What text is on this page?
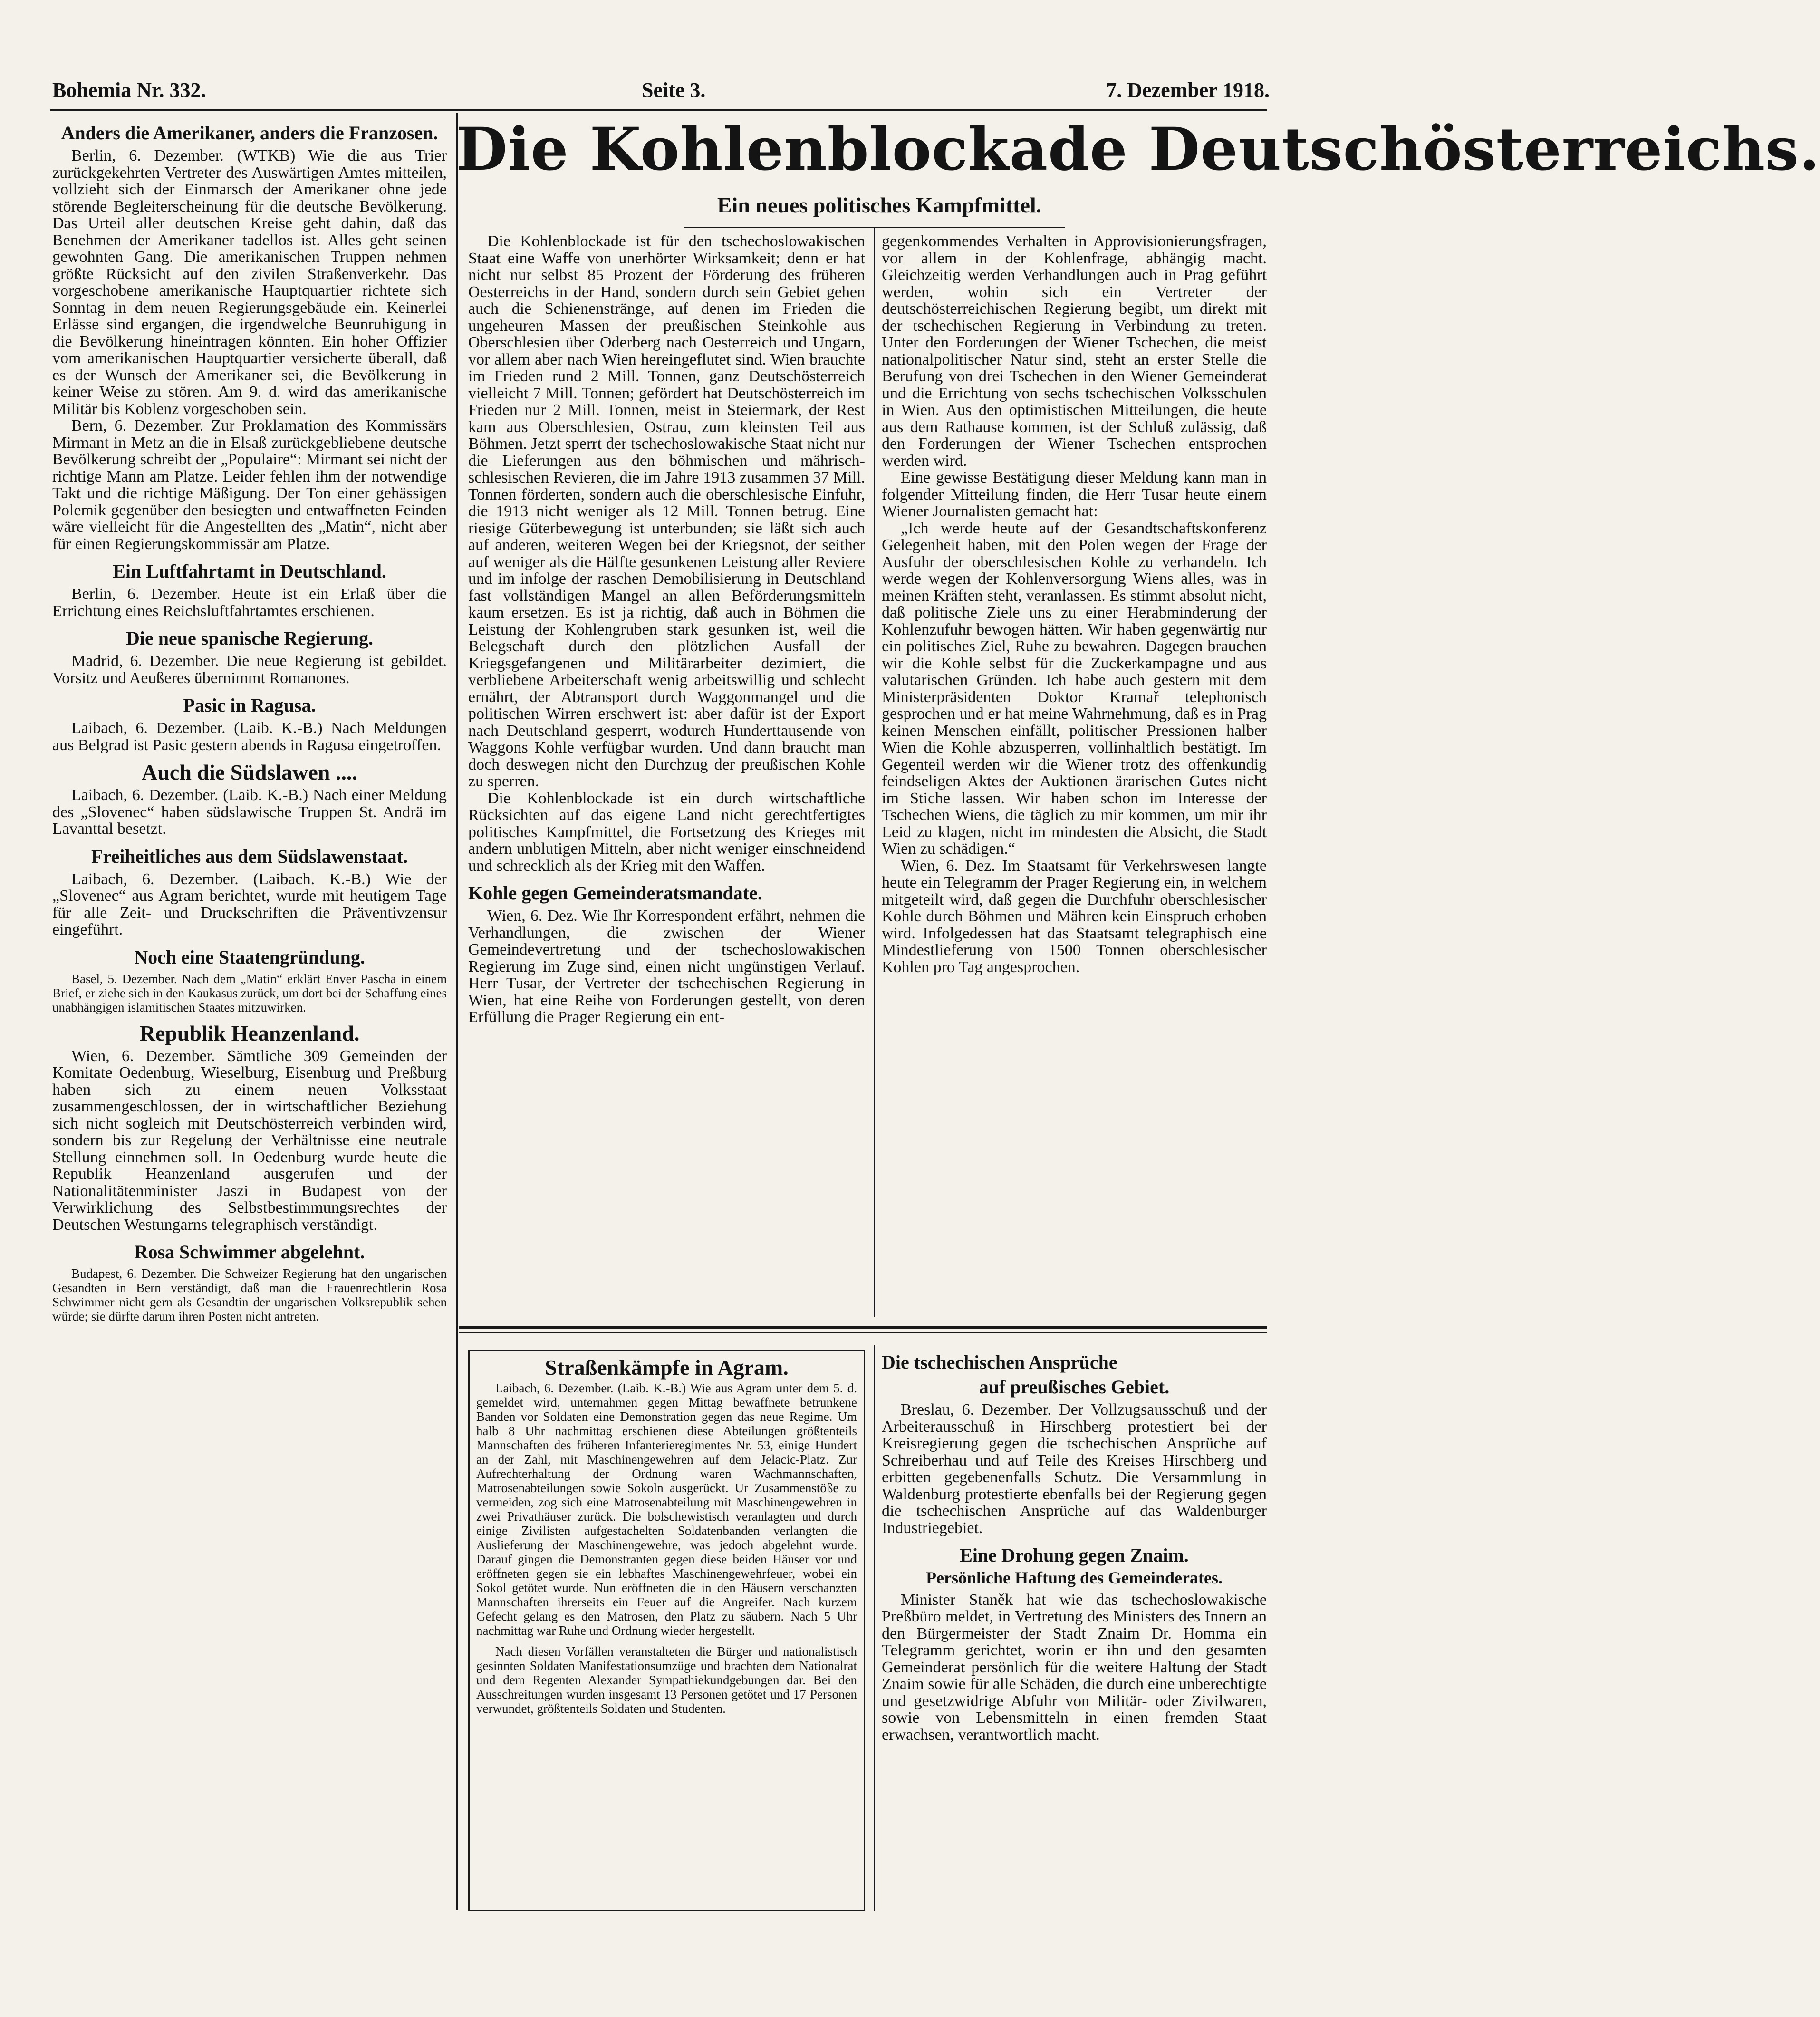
Bohemia Nr. 332.	Seite 3.	7. Dezember 1918.
Anders die Amerikaner, anders die Franzosen.

Berlin, 6. Dezember. (WTKB) Wie die aus Trier zurückgekehrten Vertreter des Auswärtigen Amtes mitteilen, vollzieht sich der Einmarsch der Amerikaner ohne jede störende Begleiterscheinung für die deutsche Bevölkerung. Das Urteil aller deutschen Kreise geht dahin, daß das Benehmen der Amerikaner tadellos ist. Alles geht seinen gewohnten Gang. Die amerikanischen Truppen nehmen größte Rücksicht auf den zivilen Straßenverkehr. Das vorgeschobene amerikanische Hauptquartier richtete sich Sonntag in dem neuen Regierungsgebäude ein. Keinerlei Erlässe sind ergangen, die irgendwelche Beunruhigung in die Bevölkerung hineintragen könnten. Ein hoher Offizier vom amerikanischen Hauptquartier versicherte überall, daß es der Wunsch der Amerikaner sei, die Bevölkerung in keiner Weise zu stören. Am 9. d. wird das amerikanische Militär bis Koblenz vorgeschoben sein.

Bern, 6. Dezember. Zur Proklamation des Kommissärs Mirmant in Metz an die in Elsaß zurückgebliebene deutsche Bevölkerung schreibt der „Populaire“: Mirmant sei nicht der richtige Mann am Platze. Leider fehlen ihm der notwendige Takt und die richtige Mäßigung. Der Ton einer gehässigen Polemik gegenüber den besiegten und entwaffneten Feinden wäre vielleicht für die Angestellten des „Matin“, nicht aber für einen Regierungskommissär am Platze.

Ein Luftfahrtamt in Deutschland.

Berlin, 6. Dezember. Heute ist ein Erlaß über die Errichtung eines Reichsluftfahrtamtes erschienen.

Die neue spanische Regierung.

Madrid, 6. Dezember. Die neue Regierung ist gebildet. Vorsitz und Aeußeres übernimmt Romanones.

Pasic in Ragusa.

Laibach, 6. Dezember. (Laib. K.-B.) Nach Meldungen aus Belgrad ist Pasic gestern abends in Ragusa eingetroffen.

Auch die Südslawen ....

Laibach, 6. Dezember. (Laib. K.-B.) Nach einer Meldung des „Slovenec“ haben südslawische Truppen St. Andrä im Lavanttal besetzt.

Freiheitliches aus dem Südslawenstaat.

Laibach, 6. Dezember. (Laibach. K.-B.) Wie der „Slovenec“ aus Agram berichtet, wurde mit heutigem Tage für alle Zeit- und Druckschriften die Präventivzensur eingeführt.

Noch eine Staatengründung.

Basel, 5. Dezember. Nach dem „Matin“ erklärt Enver Pascha in einem Brief, er ziehe sich in den Kaukasus zurück, um dort bei der Schaffung eines unabhängigen islamitischen Staates mitzuwirken.

Republik Heanzenland.

Wien, 6. Dezember. Sämtliche 309 Gemeinden der Komitate Oedenburg, Wieselburg, Eisenburg und Preßburg haben sich zu einem neuen Volksstaat zusammengeschlossen, der in wirtschaftlicher Beziehung sich nicht sogleich mit Deutschösterreich verbinden wird, sondern bis zur Regelung der Verhältnisse eine neutrale Stellung einnehmen soll. In Oedenburg wurde heute die Republik Heanzenland ausgerufen und der Nationalitätenminister Jaszi in Budapest von der Verwirklichung des Selbstbestimmungsrechtes der Deutschen Westungarns telegraphisch verständigt.

Rosa Schwimmer abgelehnt.

Budapest, 6. Dezember. Die Schweizer Regierung hat den ungarischen Gesandten in Bern verständigt, daß man die Frauenrechtlerin Rosa Schwimmer nicht gern als Gesandtin der ungarischen Volksrepublik sehen würde; sie dürfte darum ihren Posten nicht antreten.

Die Kohlenblockade Deutschösterreichs.
Ein neues politisches Kampfmittel.

Die Kohlenblockade ist für den tschechoslowakischen Staat eine Waffe von unerhörter Wirksamkeit; denn er hat nicht nur selbst 85 Prozent der Förderung des früheren Oesterreichs in der Hand, sondern durch sein Gebiet gehen auch die Schienenstränge, auf denen im Frieden die ungeheuren Massen der preußischen Steinkohle aus Oberschlesien über Oderberg nach Oesterreich und Ungarn, vor allem aber nach Wien hereingeflutet sind. Wien brauchte im Frieden rund 2 Mill. Tonnen, ganz Deutschösterreich vielleicht 7 Mill. Tonnen; gefördert hat Deutschösterreich im Frieden nur 2 Mill. Tonnen, meist in Steiermark, der Rest kam aus Oberschlesien, Ostrau, zum kleinsten Teil aus Böhmen. Jetzt sperrt der tschechoslowakische Staat nicht nur die Lieferungen aus den böhmischen und mährisch-schlesischen Revieren, die im Jahre 1913 zusammen 37 Mill. Tonnen förderten, sondern auch die oberschlesische Einfuhr, die 1913 nicht weniger als 12 Mill. Tonnen betrug. Eine riesige Güterbewegung ist unterbunden; sie läßt sich auch auf anderen, weiteren Wegen bei der Kriegsnot, der seither auf weniger als die Hälfte gesunkenen Leistung aller Reviere und im infolge der raschen Demobilisierung in Deutschland fast vollständigen Mangel an allen Beförderungsmitteln kaum ersetzen. Es ist ja richtig, daß auch in Böhmen die Leistung der Kohlengruben stark gesunken ist, weil die Belegschaft durch den plötzlichen Ausfall der Kriegsgefangenen und Militärarbeiter dezimiert, die verbliebene Arbeiterschaft wenig arbeitswillig und schlecht ernährt, der Abtransport durch Waggonmangel und die politischen Wirren erschwert ist: aber dafür ist der Export nach Deutschland gesperrt, wodurch Hunderttausende von Waggons Kohle verfügbar wurden. Und dann braucht man doch deswegen nicht den Durchzug der preußischen Kohle zu sperren.

Die Kohlenblockade ist ein durch wirtschaftliche Rücksichten auf das eigene Land nicht gerechtfertigtes politisches Kampfmittel, die Fortsetzung des Krieges mit andern unblutigen Mitteln, aber nicht weniger einschneidend und schrecklich als der Krieg mit den Waffen.

Kohle gegen Gemeinderatsmandate.

Wien, 6. Dez. Wie Ihr Korrespondent erfährt, nehmen die Verhandlungen, die zwischen der Wiener Gemeindevertretung und der tschechoslowakischen Regierung im Zuge sind, einen nicht ungünstigen Verlauf. Herr Tusar, der Vertreter der tschechischen Regierung in Wien, hat eine Reihe von Forderungen gestellt, von deren Erfüllung die Prager Regierung ein ent-

gegenkommendes Verhalten in Approvisionierungsfragen, vor allem in der Kohlenfrage, abhängig macht. Gleichzeitig werden Verhandlungen auch in Prag geführt werden, wohin sich ein Vertreter der deutschösterreichischen Regierung begibt, um direkt mit der tschechischen Regierung in Verbindung zu treten. Unter den Forderungen der Wiener Tschechen, die meist nationalpolitischer Natur sind, steht an erster Stelle die Berufung von drei Tschechen in den Wiener Gemeinderat und die Errichtung von sechs tschechischen Volksschulen in Wien. Aus den optimistischen Mitteilungen, die heute aus dem Rathause kommen, ist der Schluß zulässig, daß den Forderungen der Wiener Tschechen entsprochen werden wird.

Eine gewisse Bestätigung dieser Meldung kann man in folgender Mitteilung finden, die Herr Tusar heute einem Wiener Journalisten gemacht hat:

„Ich werde heute auf der Gesandtschaftskonferenz Gelegenheit haben, mit den Polen wegen der Frage der Ausfuhr der oberschlesischen Kohle zu verhandeln. Ich werde wegen der Kohlenversorgung Wiens alles, was in meinen Kräften steht, veranlassen. Es stimmt absolut nicht, daß politische Ziele uns zu einer Herabminderung der Kohlenzufuhr bewogen hätten. Wir haben gegenwärtig nur ein politisches Ziel, Ruhe zu bewahren. Dagegen brauchen wir die Kohle selbst für die Zuckerkampagne und aus valutarischen Gründen. Ich habe auch gestern mit dem Ministerpräsidenten Doktor Kramař telephonisch gesprochen und er hat meine Wahrnehmung, daß es in Prag keinen Menschen einfällt, politischer Pressionen halber Wien die Kohle abzusperren, vollinhaltlich bestätigt. Im Gegenteil werden wir die Wiener trotz des offenkundig feindseligen Aktes der Auktionen ärarischen Gutes nicht im Stiche lassen. Wir haben schon im Interesse der Tschechen Wiens, die täglich zu mir kommen, um mir ihr Leid zu klagen, nicht im mindesten die Absicht, die Stadt Wien zu schädigen.“

Wien, 6. Dez. Im Staatsamt für Verkehrswesen langte heute ein Telegramm der Prager Regierung ein, in welchem mitgeteilt wird, daß gegen die Durchfuhr oberschlesischer Kohle durch Böhmen und Mähren kein Einspruch erhoben wird. Infolgedessen hat das Staatsamt telegraphisch eine Mindestlieferung von 1500 Tonnen oberschlesischer Kohlen pro Tag angesprochen.

Straßenkämpfe in Agram.

Laibach, 6. Dezember. (Laib. K.-B.) Wie aus Agram unter dem 5. d. gemeldet wird, unternahmen gegen Mittag bewaffnete betrunkene Banden vor Soldaten eine Demonstration gegen das neue Regime. Um halb 8 Uhr nachmittag erschienen diese Abteilungen größtenteils Mannschaften des früheren Infanterieregimentes Nr. 53, einige Hundert an der Zahl, mit Maschinengewehren auf dem Jelacic-Platz. Zur Aufrechterhaltung der Ordnung waren Wachmannschaften, Matrosenabteilungen sowie Sokoln ausgerückt. Ur Zusammenstöße zu vermeiden, zog sich eine Matrosenabteilung mit Maschinengewehren in zwei Privathäuser zurück. Die bolschewistisch veranlagten und durch einige Zivilisten aufgestachelten Soldatenbanden verlangten die Auslieferung der Maschinengewehre, was jedoch abgelehnt wurde. Darauf gingen die Demonstranten gegen diese beiden Häuser vor und eröffneten gegen sie ein lebhaftes Maschinengewehrfeuer, wobei ein Sokol getötet wurde. Nun eröffneten die in den Häusern verschanzten Mannschaften ihrerseits ein Feuer auf die Angreifer. Nach kurzem Gefecht gelang es den Matrosen, den Platz zu säubern. Nach 5 Uhr nachmittag war Ruhe und Ordnung wieder hergestellt.

Nach diesen Vorfällen veranstalteten die Bürger und nationalistisch gesinnten Soldaten Manifestationsumzüge und brachten dem Nationalrat und dem Regenten Alexander Sympathiekundgebungen dar. Bei den Ausschreitungen wurden insgesamt 13 Personen getötet und 17 Personen verwundet, größtenteils Soldaten und Studenten.

Die tschechischen Ansprüche
auf preußisches Gebiet.

Breslau, 6. Dezember. Der Vollzugsausschuß und der Arbeiterausschuß in Hirschberg protestiert bei der Kreisregierung gegen die tschechischen Ansprüche auf Schreiberhau und auf Teile des Kreises Hirschberg und erbitten gegebenenfalls Schutz. Die Versammlung in Waldenburg protestierte ebenfalls bei der Regierung gegen die tschechischen Ansprüche auf das Waldenburger Industriegebiet.

Eine Drohung gegen Znaim.
Persönliche Haftung des Gemeinderates.

Minister Staněk hat wie das tschechoslowakische Preßbüro meldet, in Vertretung des Ministers des Innern an den Bürgermeister der Stadt Znaim Dr. Homma ein Telegramm gerichtet, worin er ihn und den gesamten Gemeinderat persönlich für die weitere Haltung der Stadt Znaim sowie für alle Schäden, die durch eine unberechtigte und gesetzwidrige Abfuhr von Militär- oder Zivilwaren, sowie von Lebensmitteln in einen fremden Staat erwachsen, verantwortlich macht.
